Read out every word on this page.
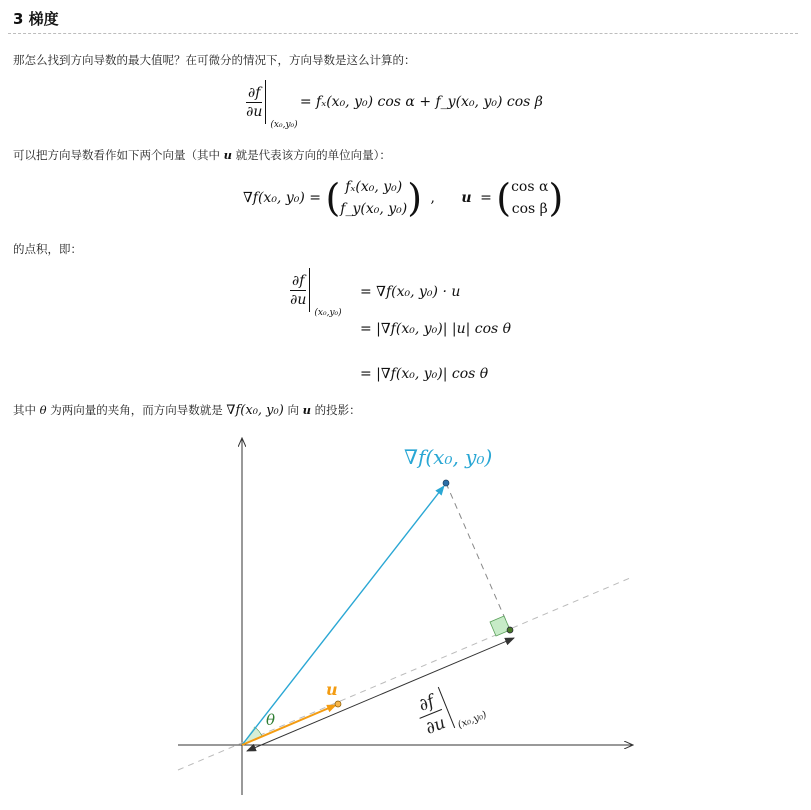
3 梯度
那怎么找到方向导数的最大值呢？在可微分的情况下，方向导数是这么计算的：
$\frac{\partial f}{\partial u}$
(x₀,y₀)
= fₓ(x₀, y₀) cos α + f_y(x₀, y₀) cos β
可以把方向导数看作如下两个向量（其中 u 就是代表该方向的单位向量）：
∇f(x₀, y₀) = ( fₓ(x₀, y₀)
f_y(x₀, y₀) ) , u = ( cos α
cos β )
的点积，即：
$\frac{\partial f}{\partial u}$
(x₀,y₀)
= ∇f(x₀, y₀) · u
= |∇f(x₀, y₀)| |u| cos θ
= |∇f(x₀, y₀)| cos θ
其中 θ 为两向量的夹角，而方向导数就是 ∇f(x₀, y₀) 向 u 的投影：
∇f(x₀, y₀)
u
θ
∂f
∂u (x₀,y₀)
